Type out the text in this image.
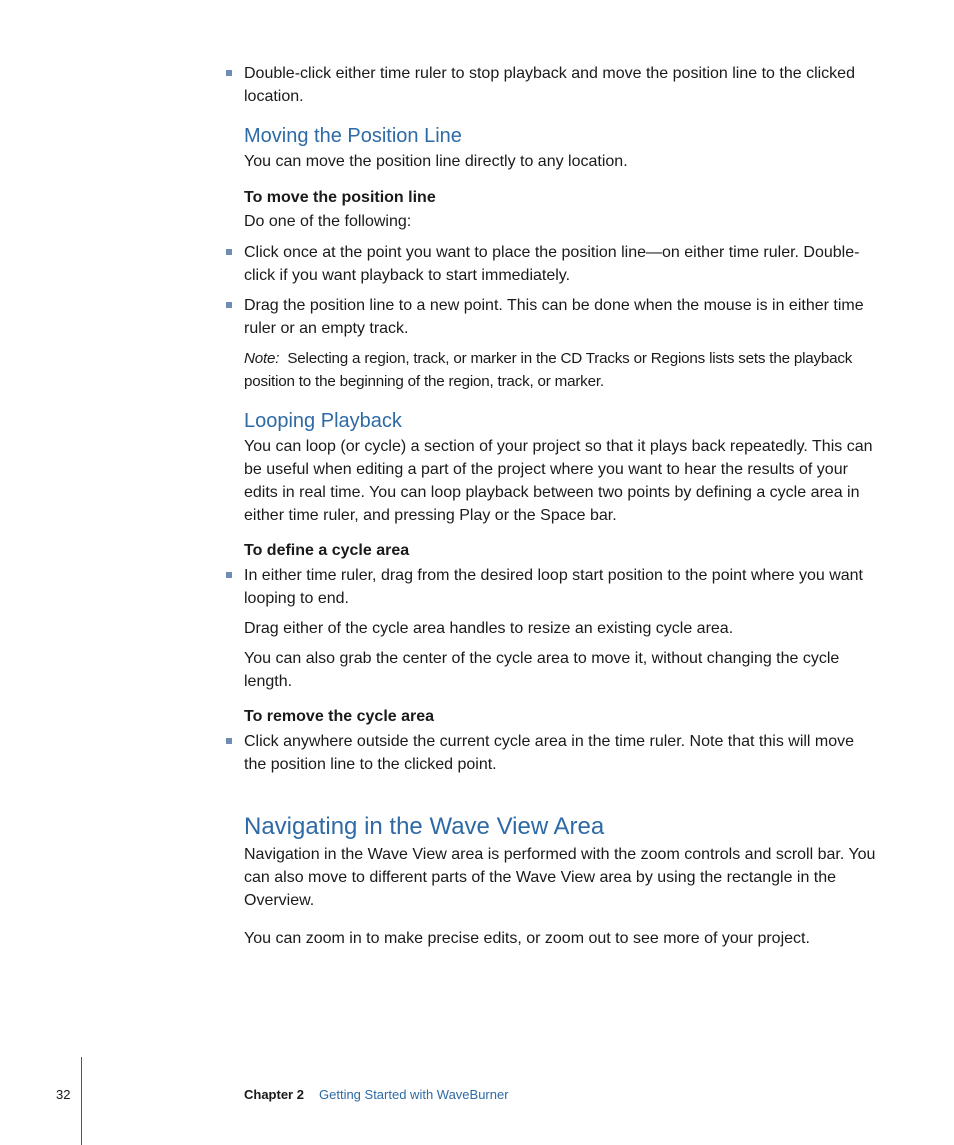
Double-click either time ruler to stop playback and move the position line to the clicked location.

Moving the Position Line

You can move the position line directly to any location.

To move the position line

Do one of the following:

Click once at the point you want to place the position line—on either time ruler. Double-click if you want playback to start immediately.

Drag the position line to a new point. This can be done when the mouse is in either time ruler or an empty track.

Note: Selecting a region, track, or marker in the CD Tracks or Regions lists sets the playback position to the beginning of the region, track, or marker.

Looping Playback

You can loop (or cycle) a section of your project so that it plays back repeatedly. This can be useful when editing a part of the project where you want to hear the results of your edits in real time. You can loop playback between two points by defining a cycle area in either time ruler, and pressing Play or the Space bar.

To define a cycle area

In either time ruler, drag from the desired loop start position to the point where you want looping to end.

Drag either of the cycle area handles to resize an existing cycle area.

You can also grab the center of the cycle area to move it, without changing the cycle length.

To remove the cycle area

Click anywhere outside the current cycle area in the time ruler. Note that this will move the position line to the clicked point.

Navigating in the Wave View Area

Navigation in the Wave View area is performed with the zoom controls and scroll bar. You can also move to different parts of the Wave View area by using the rectangle in the Overview.

You can zoom in to make precise edits, or zoom out to see more of your project.

32	Chapter 2 Getting Started with WaveBurner
